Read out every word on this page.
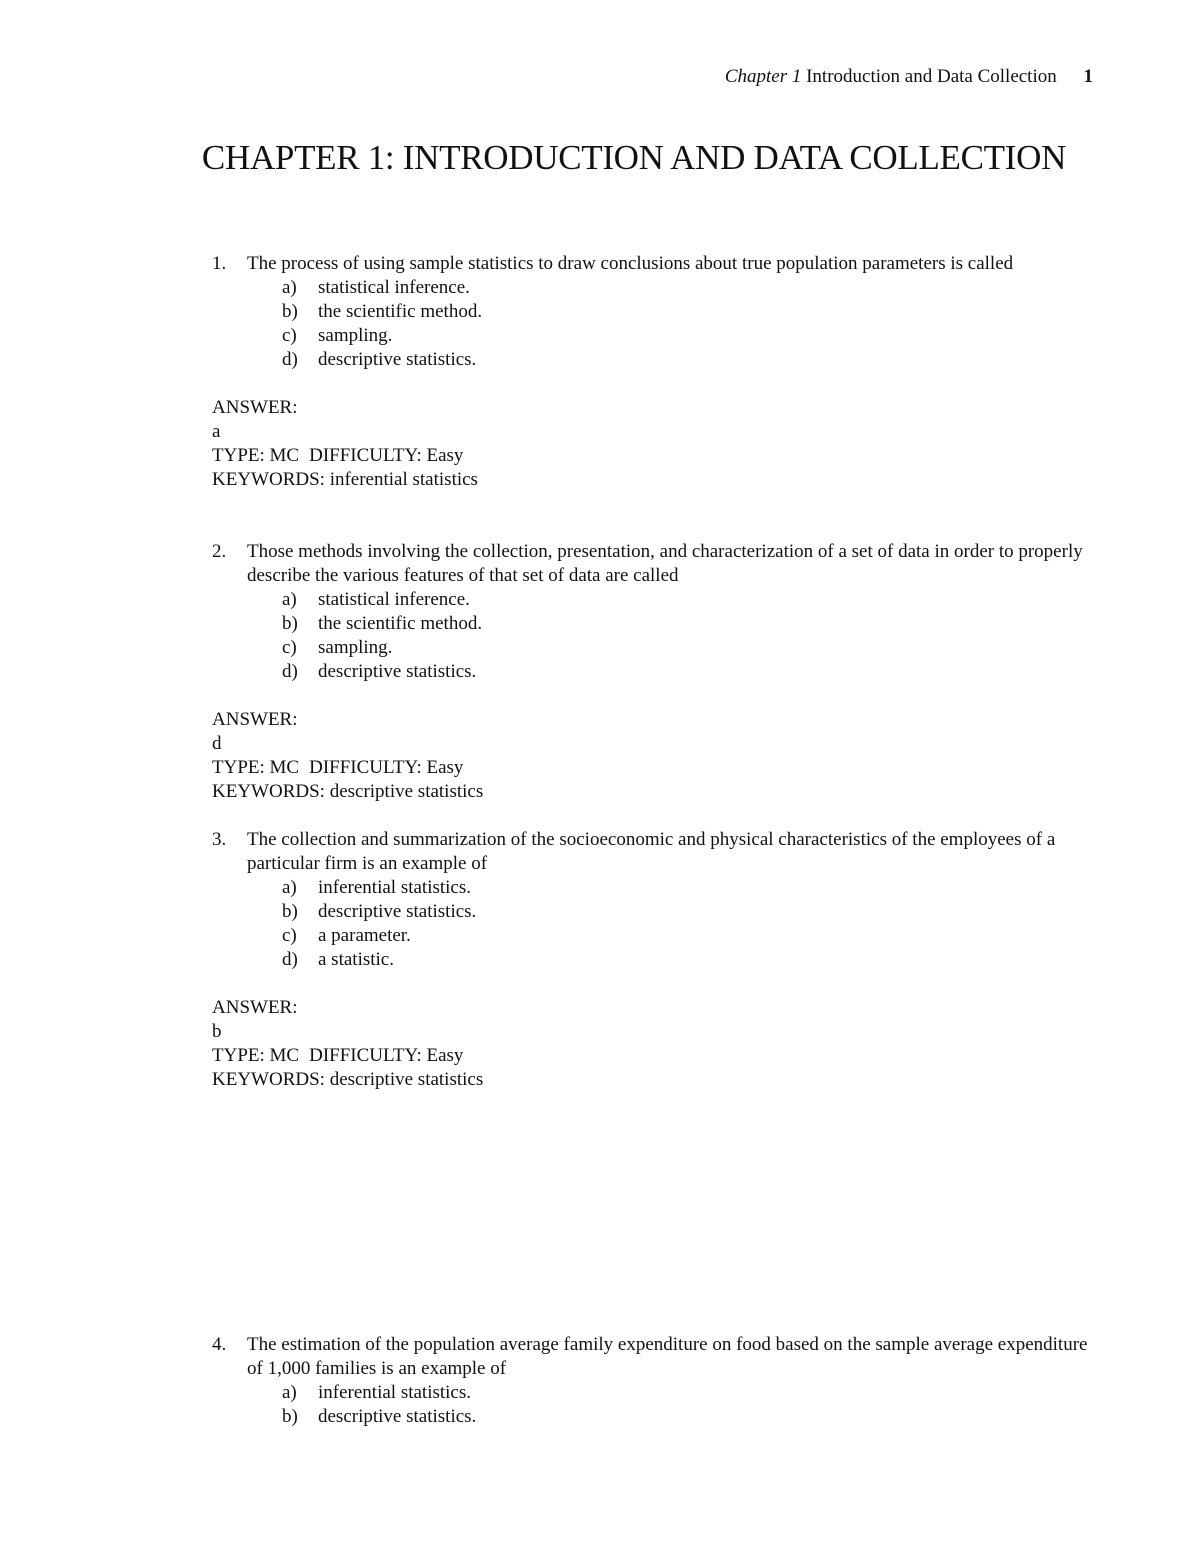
Chapter 1 Introduction and Data Collection 1
CHAPTER 1: INTRODUCTION AND DATA COLLECTION
1.	The process of using sample statistics to draw conclusions about true population parameters is called
a)	statistical inference.
b)	the scientific method.
c)	sampling.
d)	descriptive statistics.
ANSWER:
a
TYPE: MC DIFFICULTY: Easy
KEYWORDS: inferential statistics
2.	Those methods involving the collection, presentation, and characterization of a set of data in order to properly describe the various features of that set of data are called
a)	statistical inference.
b)	the scientific method.
c)	sampling.
d)	descriptive statistics.
ANSWER:
d
TYPE: MC DIFFICULTY: Easy
KEYWORDS: descriptive statistics
3.	The collection and summarization of the socioeconomic and physical characteristics of the employees of a particular firm is an example of
a)	inferential statistics.
b)	descriptive statistics.
c)	a parameter.
d)	a statistic.
ANSWER:
b
TYPE: MC DIFFICULTY: Easy
KEYWORDS: descriptive statistics
4.	The estimation of the population average family expenditure on food based on the sample average expenditure of 1,000 families is an example of
a)	inferential statistics.
b)	descriptive statistics.
